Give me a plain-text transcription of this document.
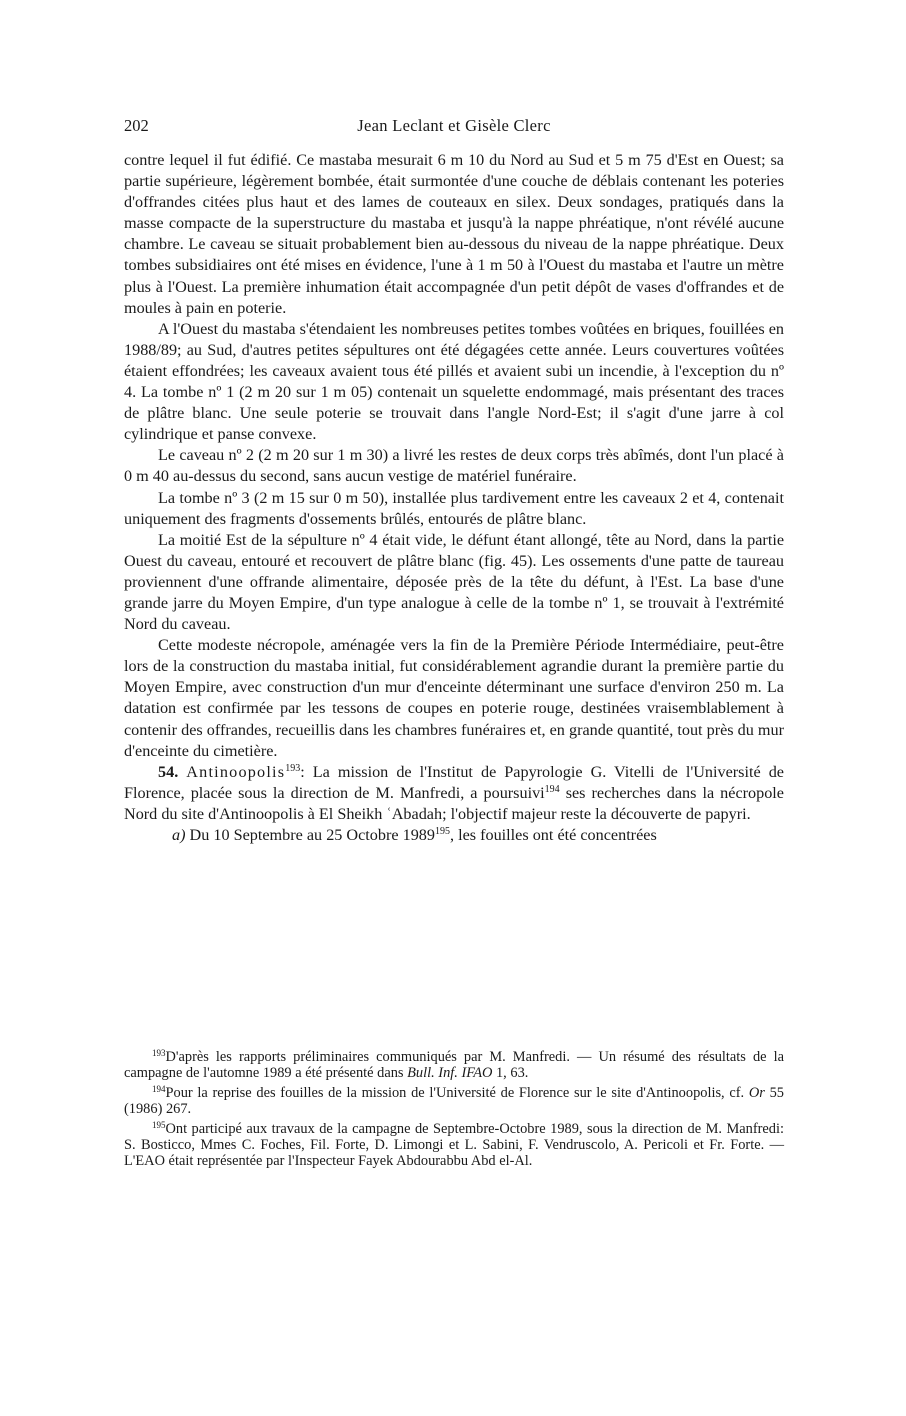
202	Jean Leclant et Gisèle Clerc

contre lequel il fut édifié. Ce mastaba mesurait 6 m 10 du Nord au Sud et 5 m 75 d'Est en Ouest; sa partie supérieure, légèrement bombée, était surmontée d'une couche de déblais contenant les poteries d'offrandes citées plus haut et des lames de couteaux en silex. Deux sondages, pratiqués dans la masse compacte de la superstructure du mastaba et jusqu'à la nappe phréatique, n'ont révélé aucune chambre. Le caveau se situait probablement bien au-dessous du niveau de la nappe phréatique. Deux tombes subsidiaires ont été mises en évidence, l'une à 1 m 50 à l'Ouest du mastaba et l'autre un mètre plus à l'Ouest. La première inhumation était accompagnée d'un petit dépôt de vases d'offrandes et de moules à pain en poterie.

A l'Ouest du mastaba s'étendaient les nombreuses petites tombes voûtées en briques, fouillées en 1988/89; au Sud, d'autres petites sépultures ont été dégagées cette année. Leurs couvertures voûtées étaient effondrées; les caveaux avaient tous été pillés et avaient subi un incendie, à l'exception du nº 4. La tombe nº 1 (2 m 20 sur 1 m 05) contenait un squelette endommagé, mais présentant des traces de plâtre blanc. Une seule poterie se trouvait dans l'angle Nord-Est; il s'agit d'une jarre à col cylindrique et panse convexe.

Le caveau nº 2 (2 m 20 sur 1 m 30) a livré les restes de deux corps très abîmés, dont l'un placé à 0 m 40 au-dessus du second, sans aucun vestige de matériel funéraire.

La tombe nº 3 (2 m 15 sur 0 m 50), installée plus tardivement entre les caveaux 2 et 4, contenait uniquement des fragments d'ossements brûlés, entourés de plâtre blanc.

La moitié Est de la sépulture nº 4 était vide, le défunt étant allongé, tête au Nord, dans la partie Ouest du caveau, entouré et recouvert de plâtre blanc (fig. 45). Les ossements d'une patte de taureau proviennent d'une offrande alimentaire, déposée près de la tête du défunt, à l'Est. La base d'une grande jarre du Moyen Empire, d'un type analogue à celle de la tombe nº 1, se trouvait à l'extrémité Nord du caveau.

Cette modeste nécropole, aménagée vers la fin de la Première Période Intermédiaire, peut-être lors de la construction du mastaba initial, fut considérablement agrandie durant la première partie du Moyen Empire, avec construction d'un mur d'enceinte déterminant une surface d'environ 250 m. La datation est confirmée par les tessons de coupes en poterie rouge, destinées vraisemblablement à contenir des offrandes, recueillis dans les chambres funéraires et, en grande quantité, tout près du mur d'enceinte du cimetière.

54. Antinoopolis$^{193}$: La mission de l'Institut de Papyrologie G. Vitelli de l'Université de Florence, placée sous la direction de M. Manfredi, a poursuivi$^{194}$ ses recherches dans la nécropole Nord du site d'Antinoopolis à El Sheikh ʿAbadah; l'objectif majeur reste la découverte de papyri.

a) Du 10 Septembre au 25 Octobre 1989$^{195}$, les fouilles ont été concentrées

$^{193}$D'après les rapports préliminaires communiqués par M. Manfredi. — Un résumé des résultats de la campagne de l'automne 1989 a été présenté dans Bull. Inf. IFAO 1, 63.

$^{194}$Pour la reprise des fouilles de la mission de l'Université de Florence sur le site d'Antinoopolis, cf. Or 55 (1986) 267.

$^{195}$Ont participé aux travaux de la campagne de Septembre-Octobre 1989, sous la direction de M. Manfredi: S. Bosticco, Mmes C. Foches, Fil. Forte, D. Limongi et L. Sabini, F. Vendruscolo, A. Pericoli et Fr. Forte. — L'EAO était représentée par l'Inspecteur Fayek Abdourabbu Abd el-Al.
